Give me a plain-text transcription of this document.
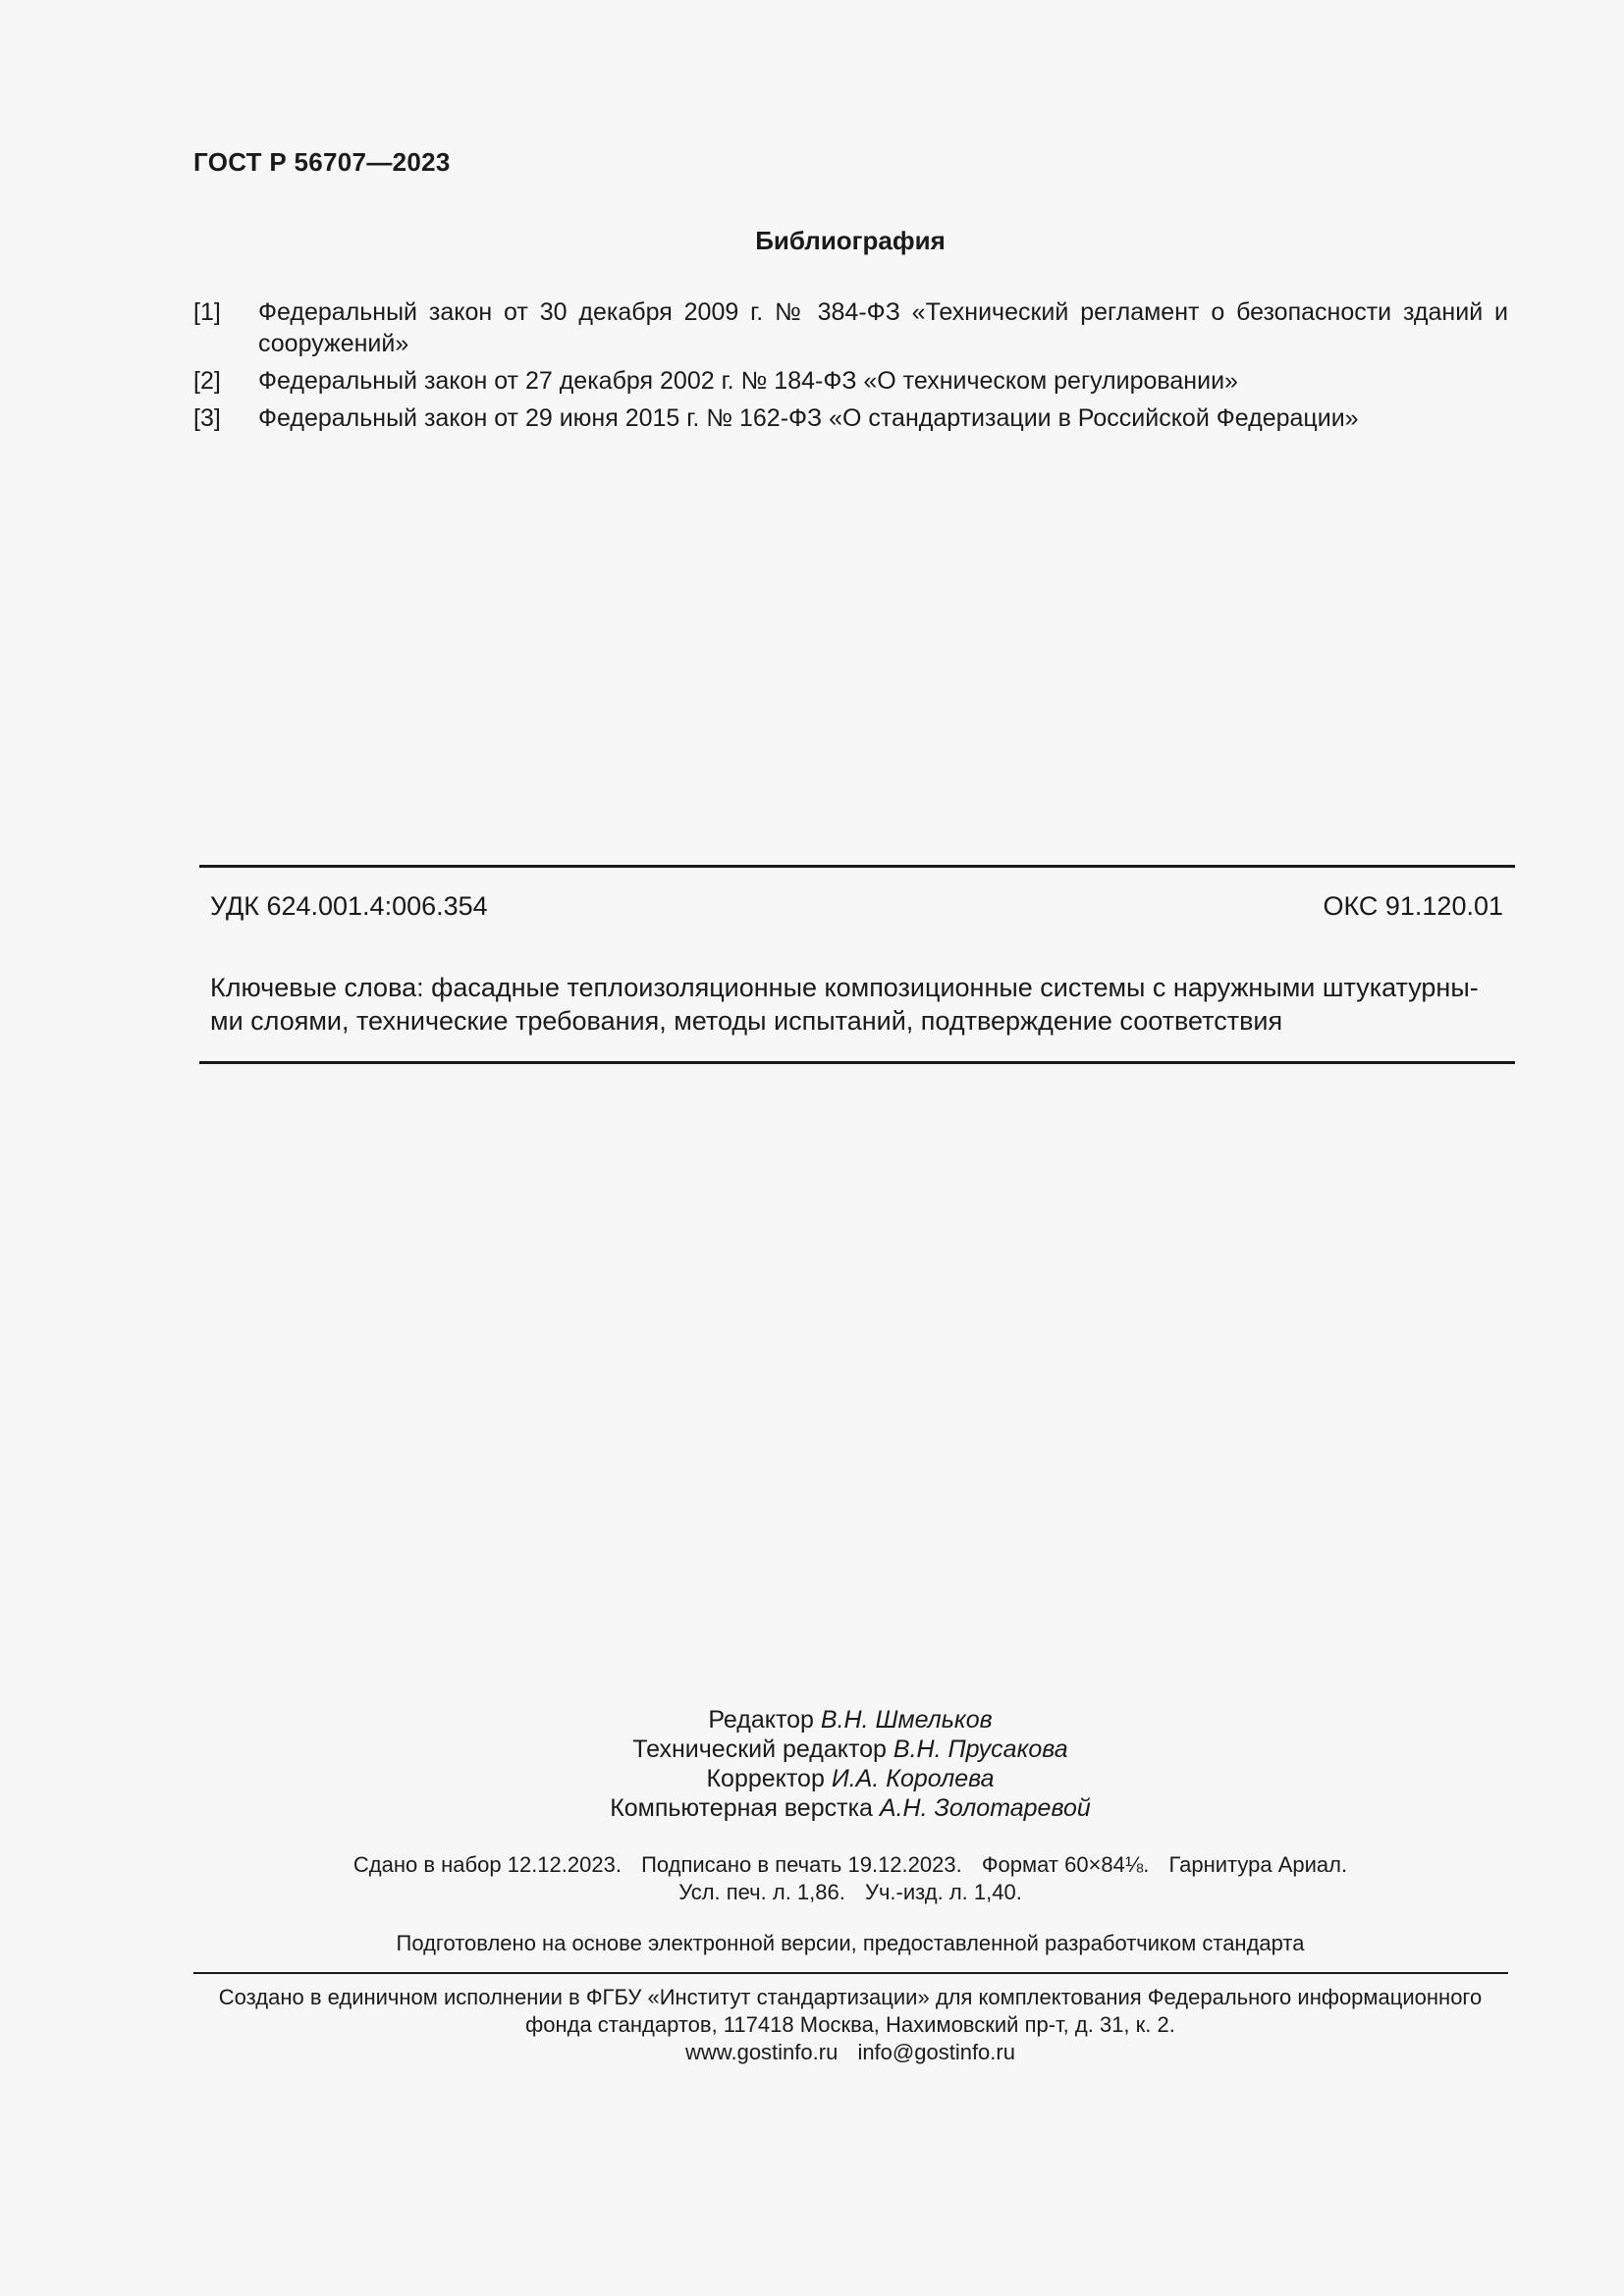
ГОСТ Р 56707—2023
Библиография
[1]	Федеральный закон от 30 декабря 2009 г. № 384-ФЗ «Технический регламент о безопасности зданий и сооружений»
[2]	Федеральный закон от 27 декабря 2002 г. № 184-ФЗ «О техническом регулировании»
[3]	Федеральный закон от 29 июня 2015 г. № 162-ФЗ «О стандартизации в Российской Федерации»
УДК 624.001.4:006.354	ОКС 91.120.01
Ключевые слова: фасадные теплоизоляционные композиционные системы с наружными штукатурны-
ми слоями, технические требования, методы испытаний, подтверждение соответствия
Редактор В.Н. Шмельков
Технический редактор В.Н. Прусакова
Корректор И.А. Королева
Компьютерная верстка А.Н. Золотаревой
Сдано в набор 12.12.2023. Подписано в печать 19.12.2023. Формат 60×84⅛. Гарнитура Ариал.
Усл. печ. л. 1,86. Уч.-изд. л. 1,40.
Подготовлено на основе электронной версии, предоставленной разработчиком стандарта
Создано в единичном исполнении в ФГБУ «Институт стандартизации» для комплектования Федерального информационного
фонда стандартов, 117418 Москва, Нахимовский пр-т, д. 31, к. 2.
www.gostinfo.ru info@gostinfo.ru
